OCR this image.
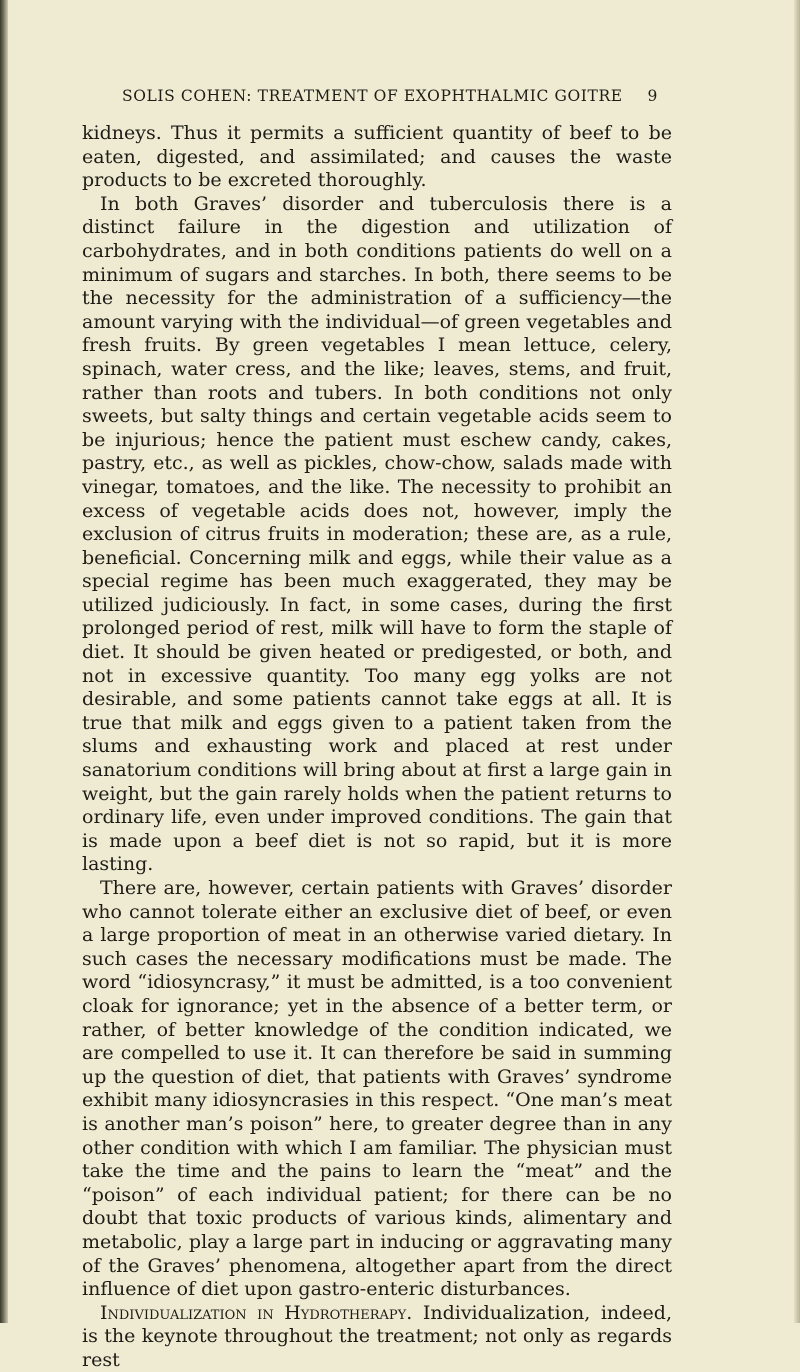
SOLIS COHEN: TREATMENT OF EXOPHTHALMIC GOITRE 9

kidneys. Thus it permits a sufficient quantity of beef to be eaten, digested, and assimilated; and causes the waste products to be excreted thoroughly.

In both Graves’ disorder and tuberculosis there is a distinct failure in the digestion and utilization of carbohydrates, and in both conditions patients do well on a minimum of sugars and starches. In both, there seems to be the necessity for the administration of a sufficiency—the amount varying with the individual—of green vegetables and fresh fruits. By green vegetables I mean lettuce, celery, spinach, water cress, and the like; leaves, stems, and fruit, rather than roots and tubers. In both conditions not only sweets, but salty things and certain vegetable acids seem to be injurious; hence the patient must eschew candy, cakes, pastry, etc., as well as pickles, chow-chow, salads made with vinegar, tomatoes, and the like. The necessity to prohibit an excess of vegetable acids does not, however, imply the exclusion of citrus fruits in moderation; these are, as a rule, beneficial. Concerning milk and eggs, while their value as a special regime has been much exaggerated, they may be utilized judiciously. In fact, in some cases, during the first prolonged period of rest, milk will have to form the staple of diet. It should be given heated or predigested, or both, and not in excessive quantity. Too many egg yolks are not desirable, and some patients cannot take eggs at all. It is true that milk and eggs given to a patient taken from the slums and exhausting work and placed at rest under sanatorium conditions will bring about at first a large gain in weight, but the gain rarely holds when the patient returns to ordinary life, even under improved conditions. The gain that is made upon a beef diet is not so rapid, but it is more lasting.

There are, however, certain patients with Graves’ disorder who cannot tolerate either an exclusive diet of beef, or even a large proportion of meat in an otherwise varied dietary. In such cases the necessary modifications must be made. The word “idiosyncrasy,” it must be admitted, is a too convenient cloak for ignorance; yet in the absence of a better term, or rather, of better knowledge of the condition indicated, we are compelled to use it. It can therefore be said in summing up the question of diet, that patients with Graves’ syndrome exhibit many idiosyncrasies in this respect. “One man’s meat is another man’s poison” here, to greater degree than in any other condition with which I am familiar. The physician must take the time and the pains to learn the “meat” and the “poison” of each individual patient; for there can be no doubt that toxic products of various kinds, alimentary and metabolic, play a large part in inducing or aggravating many of the Graves’ phenomena, altogether apart from the direct influence of diet upon gastro-enteric disturbances.

Individualization in Hydrotherapy. Individualization, indeed, is the keynote throughout the treatment; not only as regards rest
